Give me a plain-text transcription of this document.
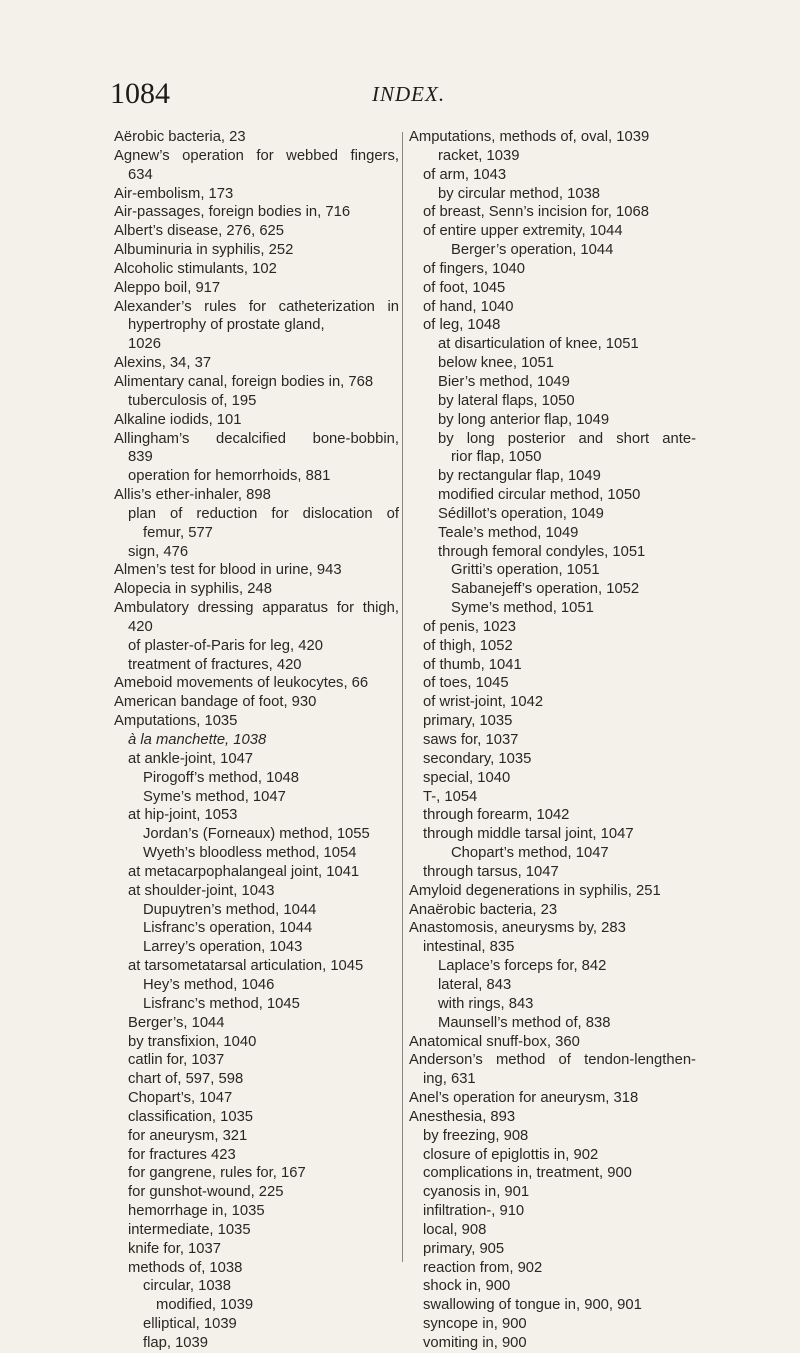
1084	INDEX.
Aërobic bacteria, 23
Agnew’s operation for webbed fingers,
634
Air-embolism, 173
Air-passages, foreign bodies in, 716
Albert’s disease, 276, 625
Albuminuria in syphilis, 252
Alcoholic stimulants, 102
Aleppo boil, 917
Alexander’s rules for catheterization in
hypertrophy of prostate gland,
1026
Alexins, 34, 37
Alimentary canal, foreign bodies in, 768
tuberculosis of, 195
Alkaline iodids, 101
Allingham’s decalcified bone-bobbin,
839
operation for hemorrhoids, 881
Allis’s ether-inhaler, 898
plan of reduction for dislocation of
femur, 577
sign, 476
Almen’s test for blood in urine, 943
Alopecia in syphilis, 248
Ambulatory dressing apparatus for thigh,
420
of plaster-of-Paris for leg, 420
treatment of fractures, 420
Ameboid movements of leukocytes, 66
American bandage of foot, 930
Amputations, 1035
à la manchette, 1038
at ankle-joint, 1047
Pirogoff’s method, 1048
Syme’s method, 1047
at hip-joint, 1053
Jordan’s (Forneaux) method, 1055
Wyeth’s bloodless method, 1054
at metacarpophalangeal joint, 1041
at shoulder-joint, 1043
Dupuytren’s method, 1044
Lisfranc’s operation, 1044
Larrey’s operation, 1043
at tarsometatarsal articulation, 1045
Hey’s method, 1046
Lisfranc’s method, 1045
Berger’s, 1044
by transfixion, 1040
catlin for, 1037
chart of, 597, 598
Chopart’s, 1047
classification, 1035
for aneurysm, 321
for fractures 423
for gangrene, rules for, 167
for gunshot-wound, 225
hemorrhage in, 1035
intermediate, 1035
knife for, 1037
methods of, 1038
circular, 1038
modified, 1039
elliptical, 1039
flap, 1039
Amputations, methods of, oval, 1039
racket, 1039
of arm, 1043
by circular method, 1038
of breast, Senn’s incision for, 1068
of entire upper extremity, 1044
Berger’s operation, 1044
of fingers, 1040
of foot, 1045
of hand, 1040
of leg, 1048
at disarticulation of knee, 1051
below knee, 1051
Bier’s method, 1049
by lateral flaps, 1050
by long anterior flap, 1049
by long posterior and short ante-
rior flap, 1050
by rectangular flap, 1049
modified circular method, 1050
Sédillot’s operation, 1049
Teale’s method, 1049
through femoral condyles, 1051
Gritti’s operation, 1051
Sabanejeff’s operation, 1052
Syme’s method, 1051
of penis, 1023
of thigh, 1052
of thumb, 1041
of toes, 1045
of wrist-joint, 1042
primary, 1035
saws for, 1037
secondary, 1035
special, 1040
T-, 1054
through forearm, 1042
through middle tarsal joint, 1047
Chopart’s method, 1047
through tarsus, 1047
Amyloid degenerations in syphilis, 251
Anaërobic bacteria, 23
Anastomosis, aneurysms by, 283
intestinal, 835
Laplace’s forceps for, 842
lateral, 843
with rings, 843
Maunsell’s method of, 838
Anatomical snuff-box, 360
Anderson’s method of tendon-lengthen-
ing, 631
Anel’s operation for aneurysm, 318
Anesthesia, 893
by freezing, 908
closure of epiglottis in, 902
complications in, treatment, 900
cyanosis in, 901
infiltration-, 910
local, 908
primary, 905
reaction from, 902
shock in, 900
swallowing of tongue in, 900, 901
syncope in, 900
vomiting in, 900
